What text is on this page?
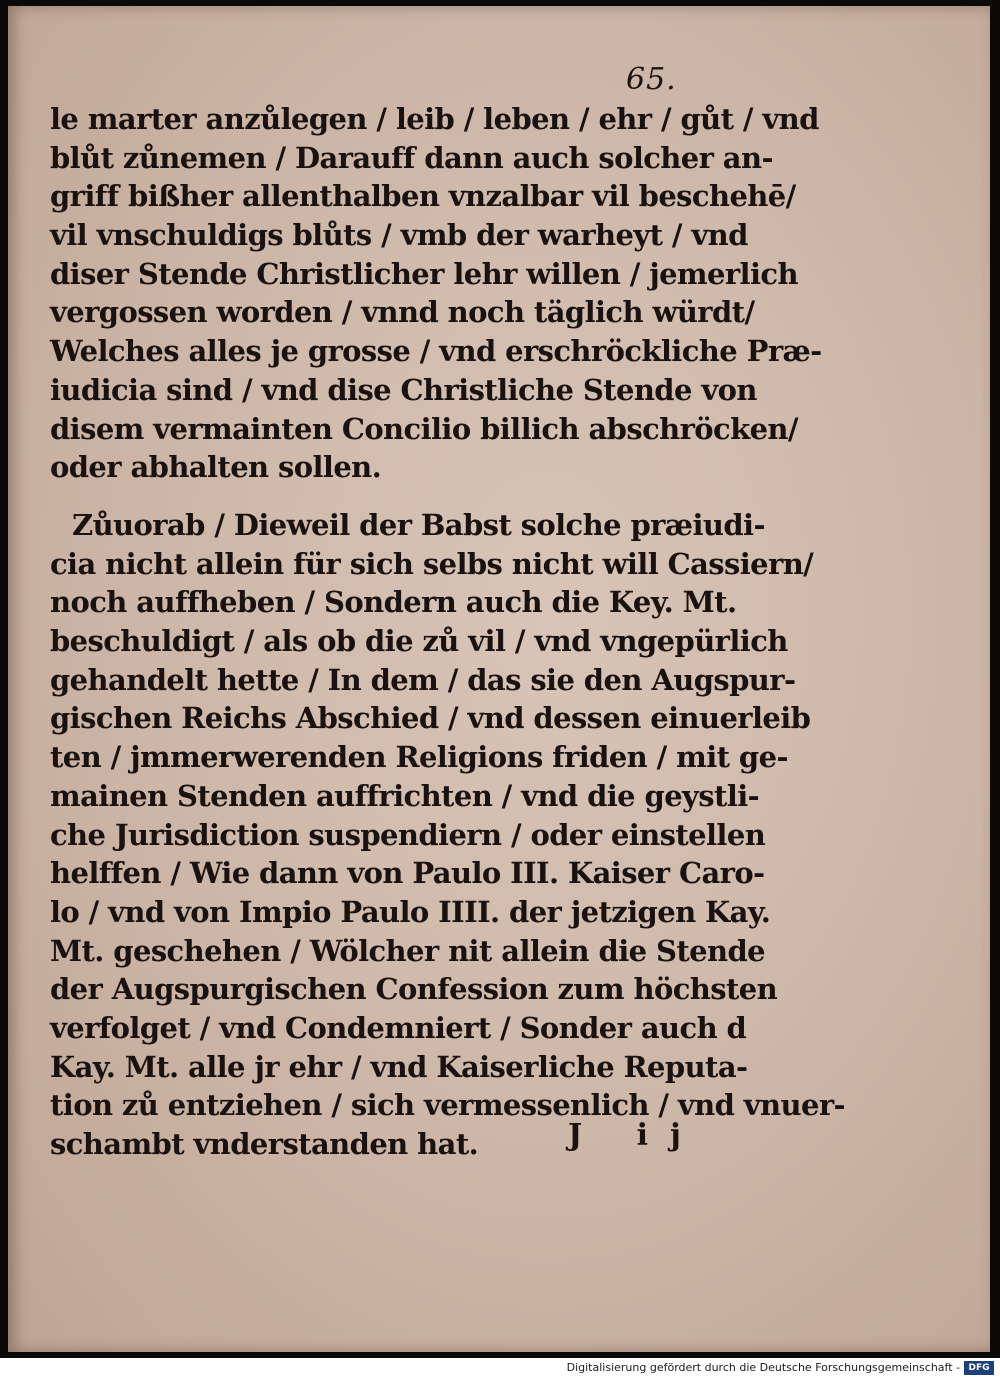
65.
le marter anzůlegen / leib / leben / ehr / gůt / vnd
blůt zůnemen / Darauff dann auch solcher an-
griff bißher allenthalben vnzalbar vil beschehē/
vil vnschuldigs blůts / vmb der warheyt / vnd
diser Stende Christlicher lehr willen / jemerlich
vergossen worden / vnnd noch täglich würdt/
Welches alles je grosse / vnd erschröckliche Præ-
iudicia sind / vnd dise Christliche Stende von
disem vermainten Concilio billich abschröcken/
oder abhalten sollen.
Zůuorab / Dieweil der Babst solche præiudi-
cia nicht allein für sich selbs nicht will Cassiern/
noch auffheben / Sondern auch die Key. Mt.
beschuldigt / als ob die zů vil / vnd vngepürlich
gehandelt hette / In dem / das sie den Augspur-
gischen Reichs Abschied / vnd dessen einuerleib
ten / jmmerwerenden Religions friden / mit ge-
mainen Stenden auffrichten / vnd die geystli-
che Jurisdiction suspendiern / oder einstellen
helffen / Wie dann von Paulo III. Kaiser Caro-
lo / vnd von Impio Paulo IIII. der jetzigen Kay.
Mt. geschehen / Wölcher nit allein die Stende
der Augspurgischen Confession zum höchsten
verfolget / vnd Condemniert / Sonder auch d
Kay. Mt. alle jr ehr / vnd Kaiserliche Reputa-
tion zů entziehen / sich vermessenlich / vnd vnuer-
schambt vnderstanden hat.	J ij
Digitalisierung gefördert durch die Deutsche Forschungsgemeinschaft - DFG
